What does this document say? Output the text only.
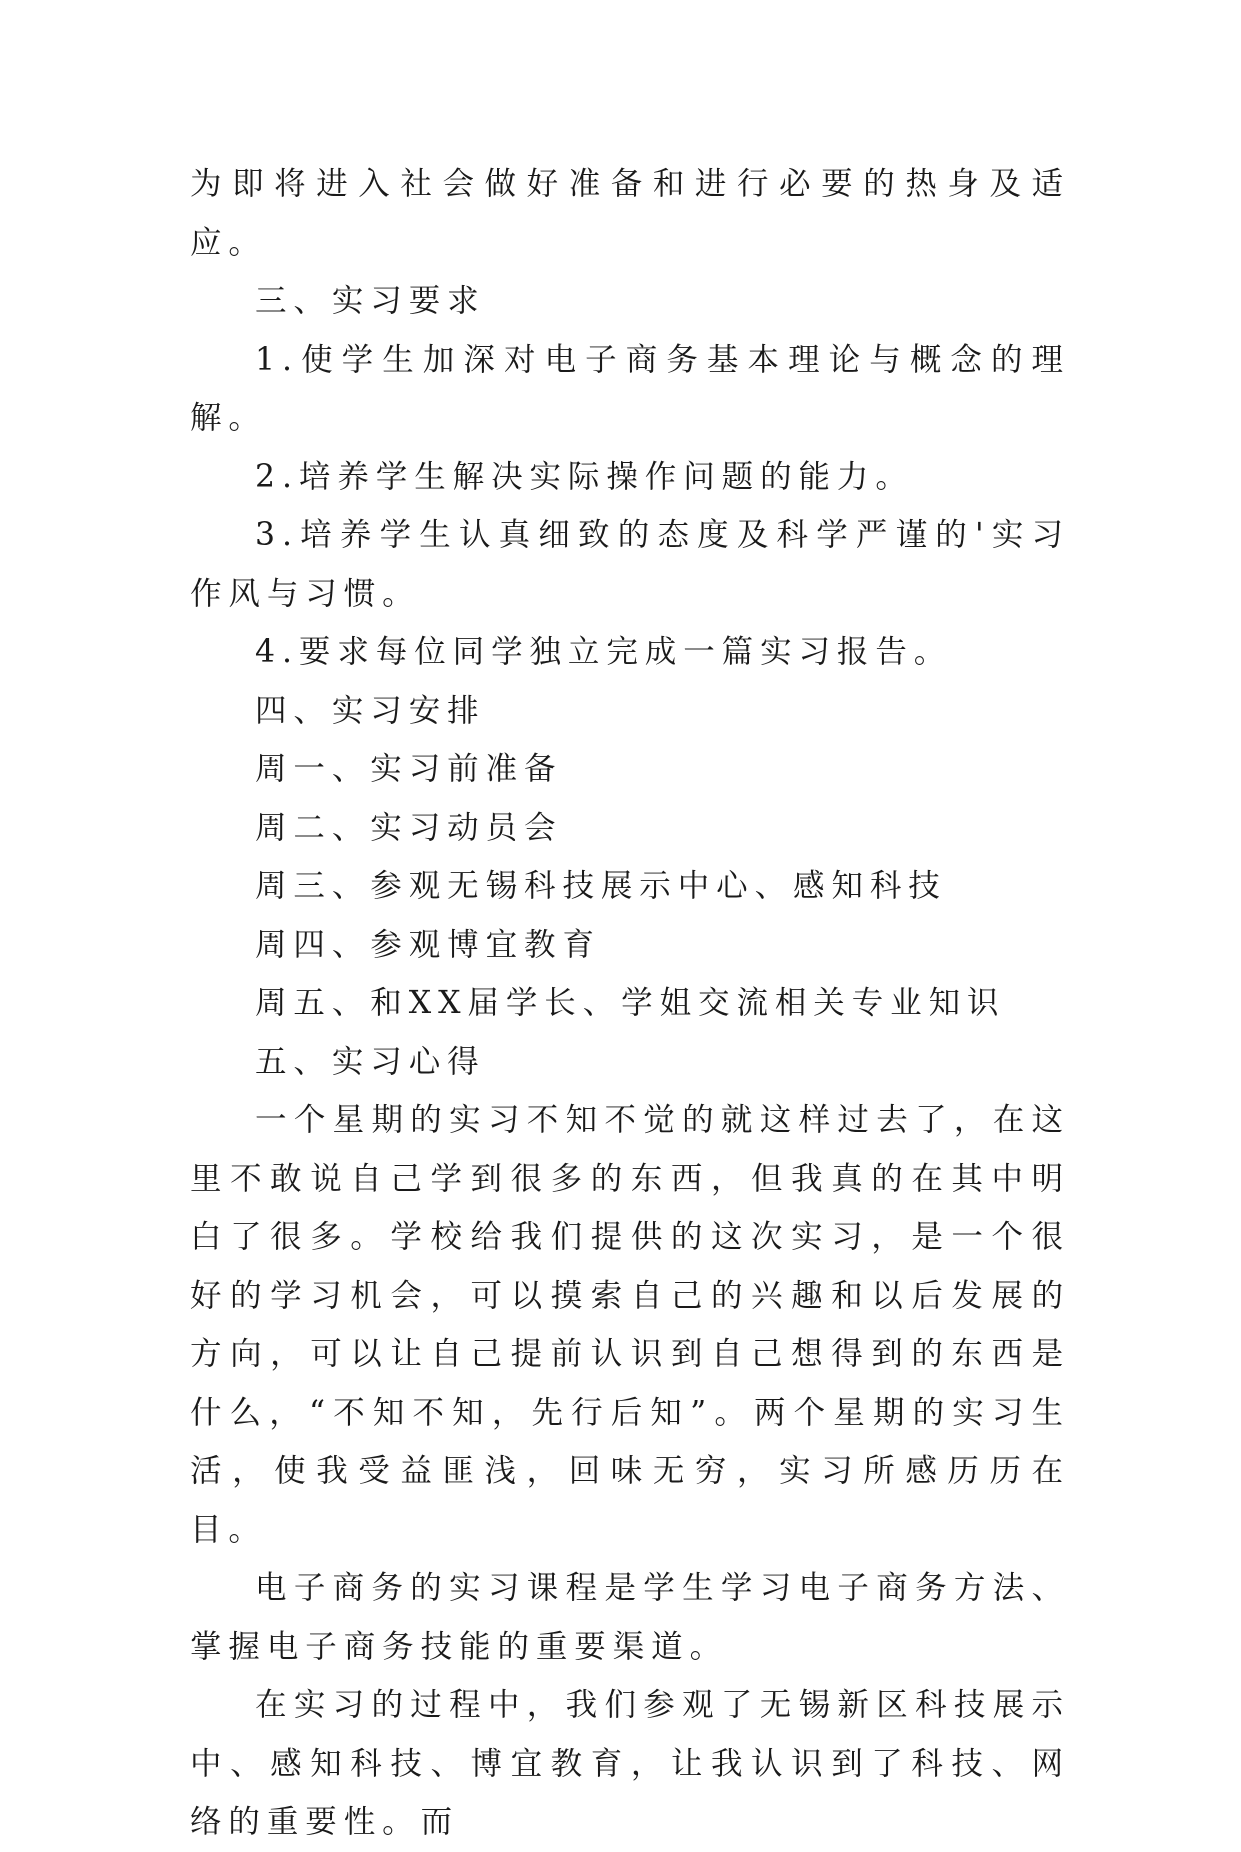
为即将进入社会做好准备和进行必要的热身及适应。

三、实习要求

1.使学生加深对电子商务基本理论与概念的理解。

2.培养学生解决实际操作问题的能力。

3.培养学生认真细致的态度及科学严谨的'实习作风与习惯。

4.要求每位同学独立完成一篇实习报告。

四、实习安排

周一、实习前准备

周二、实习动员会

周三、参观无锡科技展示中心、感知科技

周四、参观博宜教育

周五、和XX届学长、学姐交流相关专业知识

五、实习心得

一个星期的实习不知不觉的就这样过去了，在这里不敢说自己学到很多的东西，但我真的在其中明白了很多。学校给我们提供的这次实习，是一个很好的学习机会，可以摸索自己的兴趣和以后发展的方向，可以让自己提前认识到自己想得到的东西是什么，“不知不知，先行后知”。两个星期的实习生活，使我受益匪浅，回味无穷，实习所感历历在目。

电子商务的实习课程是学生学习电子商务方法、掌握电子商务技能的重要渠道。

在实习的过程中，我们参观了无锡新区科技展示中、感知科技、博宜教育，让我认识到了科技、网络的重要性。而
